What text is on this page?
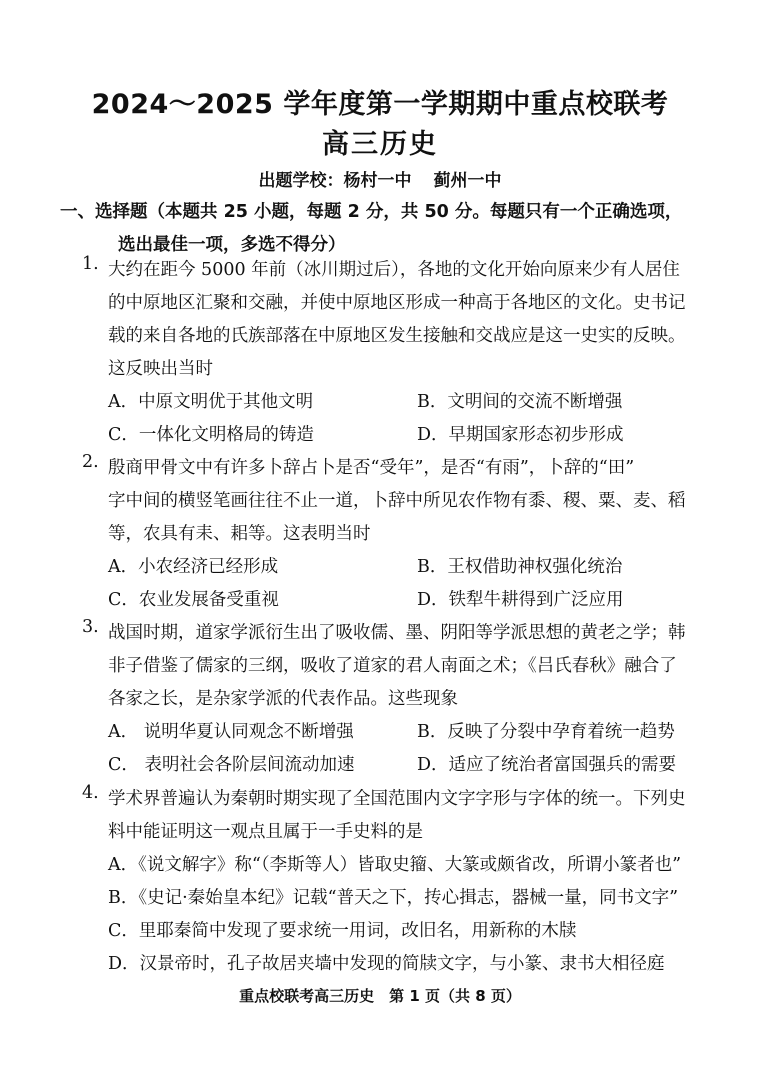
2024～2025 学年度第一学期期中重点校联考
高三历史
出题学校：杨村一中 蓟州一中
一、选择题（本题共 25 小题，每题 2 分，共 50 分。每题只有一个正确选项，
选出最佳一项，多选不得分）
1. 大约在距今 5000 年前（冰川期过后），各地的文化开始向原来少有人居住
的中原地区汇聚和交融，并使中原地区形成一种高于各地区的文化。史书记
载的来自各地的氏族部落在中原地区发生接触和交战应是这一史实的反映。
这反映出当时
A．中原文明优于其他文明	B．文明间的交流不断增强
C．一体化文明格局的铸造	D．早期国家形态初步形成
2. 殷商甲骨文中有许多卜辞占卜是否“受年”，是否“有雨”，卜辞的“田”
字中间的横竖笔画往往不止一道，卜辞中所见农作物有黍、稷、粟、麦、稻
等，农具有耒、耜等。这表明当时
A．小农经济已经形成	B．王权借助神权强化统治
C．农业发展备受重视	D．铁犁牛耕得到广泛应用
3. 战国时期，道家学派衍生出了吸收儒、墨、阴阳等学派思想的黄老之学；韩
非子借鉴了儒家的三纲，吸收了道家的君人南面之术；《吕氏春秋》融合了
各家之长，是杂家学派的代表作品。这些现象
A． 说明华夏认同观念不断增强	B．反映了分裂中孕育着统一趋势
C． 表明社会各阶层间流动加速	D．适应了统治者富国强兵的需要
4. 学术界普遍认为秦朝时期实现了全国范围内文字字形与字体的统一。下列史
料中能证明这一观点且属于一手史料的是
A．《说文解字》称“（李斯等人）皆取史籀、大篆或颇省改，所谓小篆者也”
B．《史记·秦始皇本纪》记载“普天之下，抟心揖志，器械一量，同书文字”
C．里耶秦简中发现了要求统一用词，改旧名，用新称的木牍
D．汉景帝时，孔子故居夹墙中发现的简牍文字，与小篆、隶书大相径庭
重点校联考高三历史　第 1 页（共 8 页）
